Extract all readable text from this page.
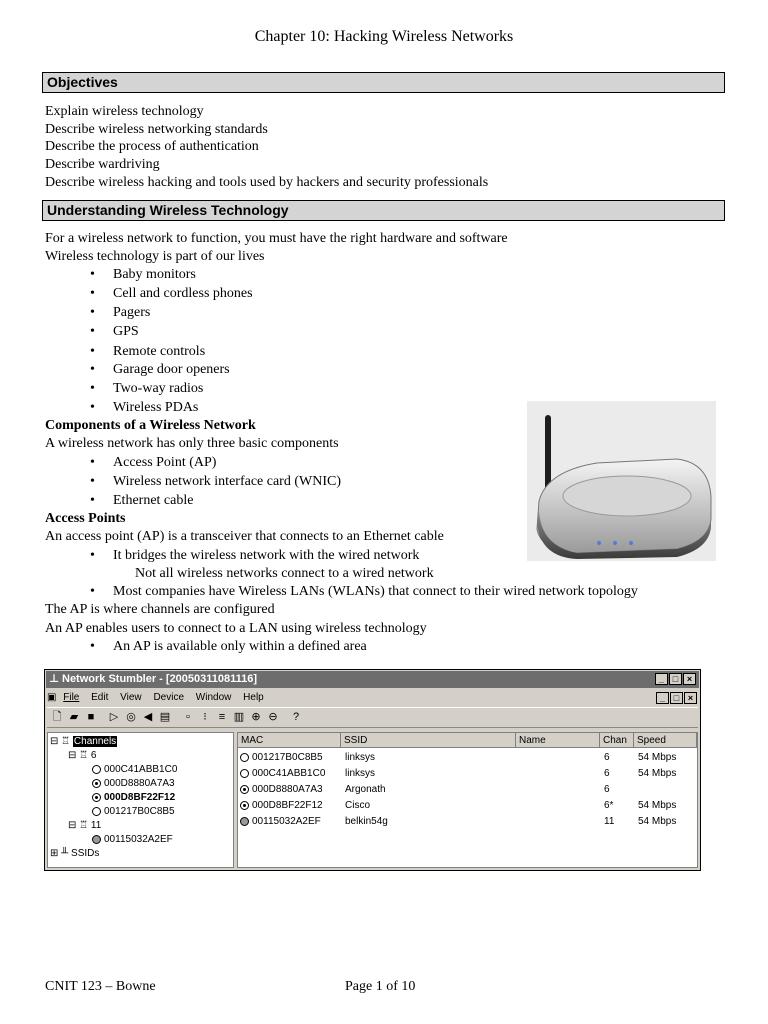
Chapter 10: Hacking Wireless Networks
Objectives
Explain wireless technology
Describe wireless networking standards
Describe the process of authentication
Describe wardriving
Describe wireless hacking and tools used by hackers and security professionals
Understanding Wireless Technology
For a wireless network to function, you must have the right hardware and software
Wireless technology is part of our lives
• Baby monitors
• Cell and cordless phones
• Pagers
• GPS
• Remote controls
• Garage door openers
• Two-way radios
• Wireless PDAs
Components of a Wireless Network
A wireless network has only three basic components
• Access Point (AP)
• Wireless network interface card (WNIC)
• Ethernet cable
Access Points
An access point (AP) is a transceiver that connects to an Ethernet cable
• It bridges the wireless network with the wired network
Not all wireless networks connect to a wired network
• Most companies have Wireless LANs (WLANs) that connect to their wired network topology
The AP is where channels are configured
An AP enables users to connect to a LAN using wireless technology
• An AP is available only within a defined area
⊥ Network Stumbler - [20050311081116]	_ □ ×
▣ File Edit View Device Window Help	_ □ ×
🗋 ▰ ■	▷ ◎ ◀ ▤	▫	⁝	≡ ▥ ⊕ ⊖	?
⊟ ♖ Channels
⊟ ♖ 6
000C41ABB1C0
000D8880A7A3
000D8BF22F12
001217B0C8B5
⊟ ♖ 11
00115032A2EF
⊞ ╨ SSIDs
MAC	SSID	Name	Chan	Speed
001217B0C8B5 linksys	6	54 Mbps
000C41ABB1C0 linksys	6	54 Mbps
000D8880A7A3 Argonath	6
000D8BF22F12 Cisco	6* 54 Mbps
00115032A2EF belkin54g	11 54 Mbps
CNIT 123 – Bowne	Page 1 of 10
